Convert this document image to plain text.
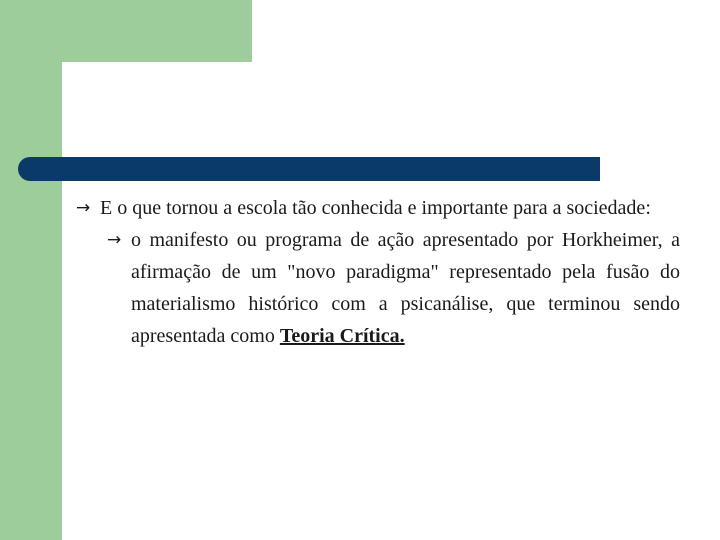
→ E o que tornou a escola tão conhecida e importante para a sociedade:
→ o manifesto ou programa de ação apresentado por Horkheimer, a afirmação de um "novo paradigma" representado pela fusão do materialismo histórico com a psicanálise, que terminou sendo apresentada como Teoria Crítica.
